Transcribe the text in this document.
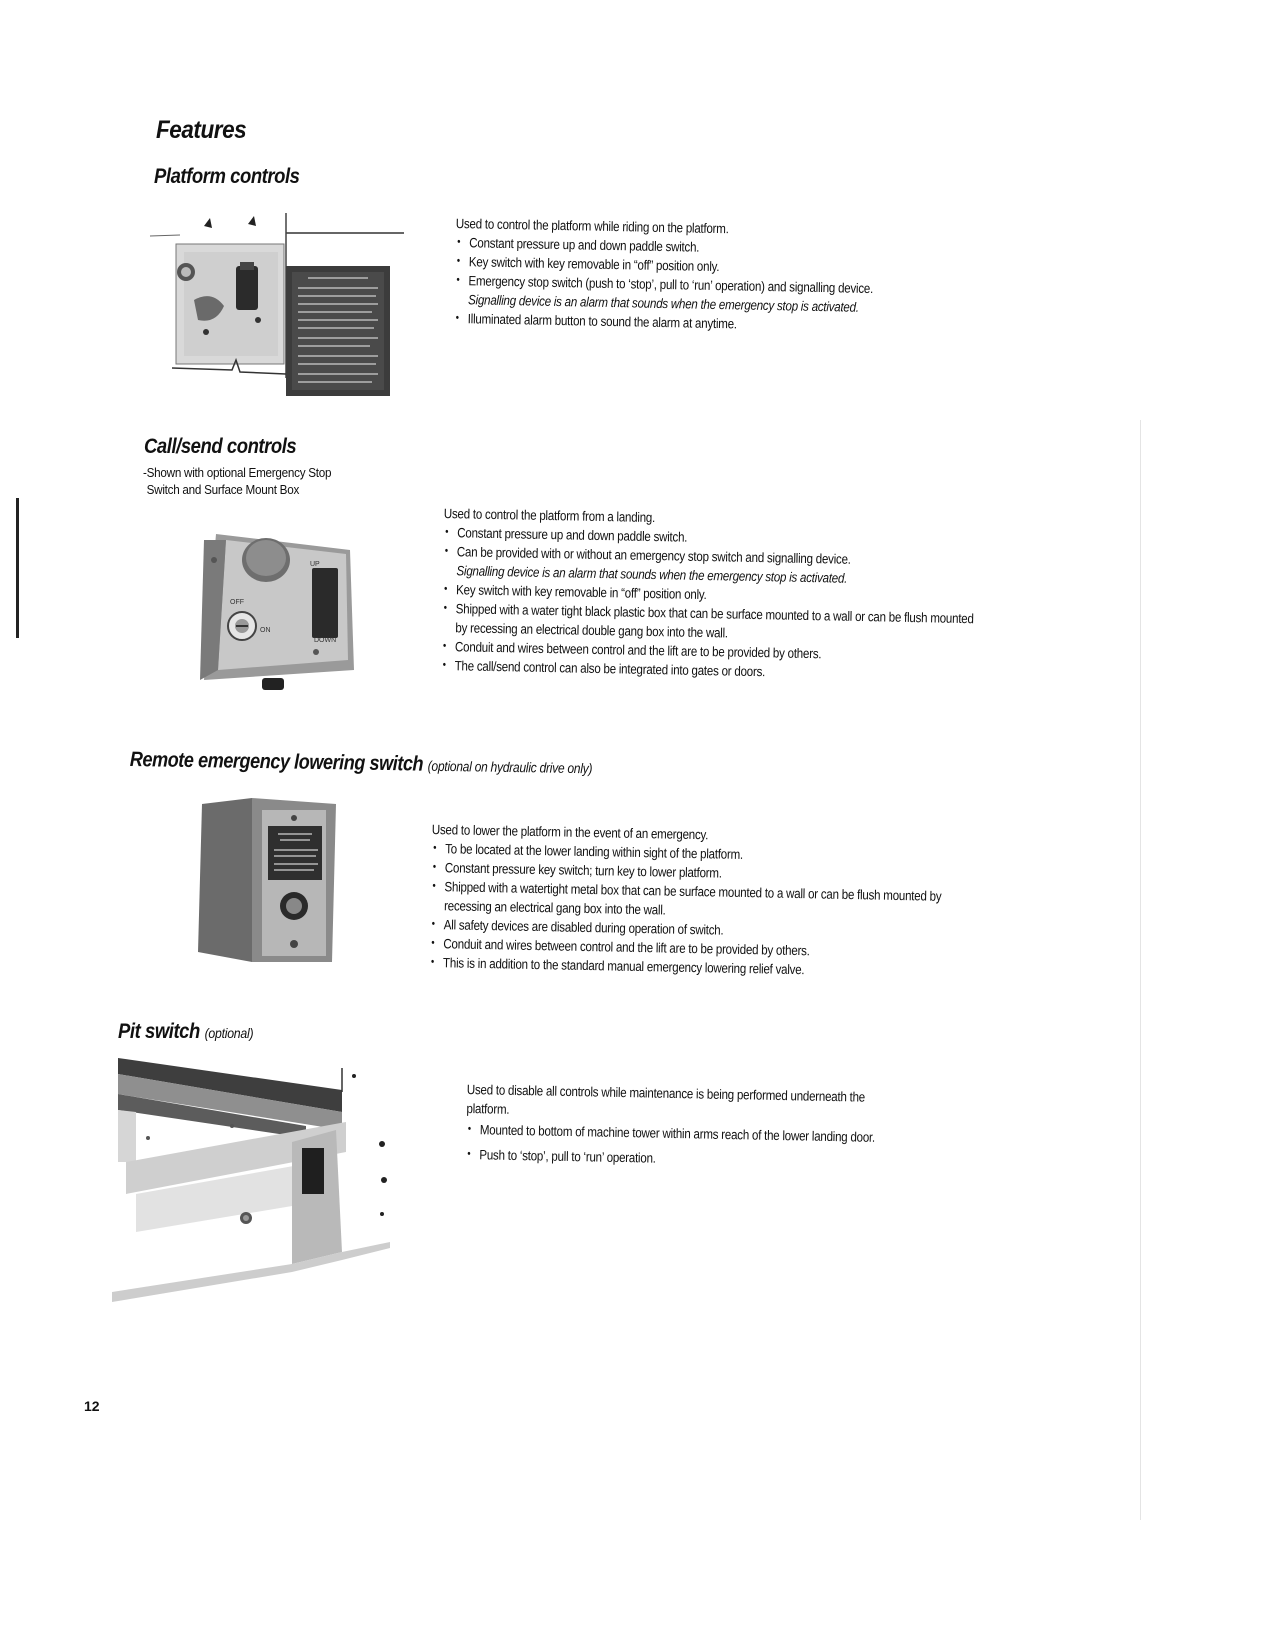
Features
Platform controls

Used to control the platform while riding on the platform.

• Constant pressure up and down paddle switch.
• Key switch with key removable in “off” position only.
• Emergency stop switch (push to ‘stop’, pull to ‘run’ operation) and signalling device.
Signalling device is an alarm that sounds when the emergency stop is activated.
• Illuminated alarm button to sound the alarm at anytime.
Call/send controls
-Shown with optional Emergency Stop
Switch and Surface Mount Box
UP
DOWN
OFF
ON

Used to control the platform from a landing.

• Constant pressure up and down paddle switch.
• Can be provided with or without an emergency stop switch and signalling device.
Signalling device is an alarm that sounds when the emergency stop is activated.
• Key switch with key removable in “off” position only.
• Shipped with a water tight black plastic box that can be surface mounted to a wall or can be flush mounted by recessing an electrical double gang box into the wall.
• Conduit and wires between control and the lift are to be provided by others.
• The call/send control can also be integrated into gates or doors.
Remote emergency lowering switch (optional on hydraulic drive only)

Used to lower the platform in the event of an emergency.

• To be located at the lower landing within sight of the platform.
• Constant pressure key switch; turn key to lower platform.
• Shipped with a watertight metal box that can be surface mounted to a wall or can be flush mounted by recessing an electrical gang box into the wall.
• All safety devices are disabled during operation of switch.
• Conduit and wires between control and the lift are to be provided by others.
• This is in addition to the standard manual emergency lowering relief valve.
Pit switch (optional)

Used to disable all controls while maintenance is being performed underneath the platform.

• Mounted to bottom of machine tower within arms reach of the lower landing door.
• Push to ‘stop’, pull to ‘run’ operation.
12
